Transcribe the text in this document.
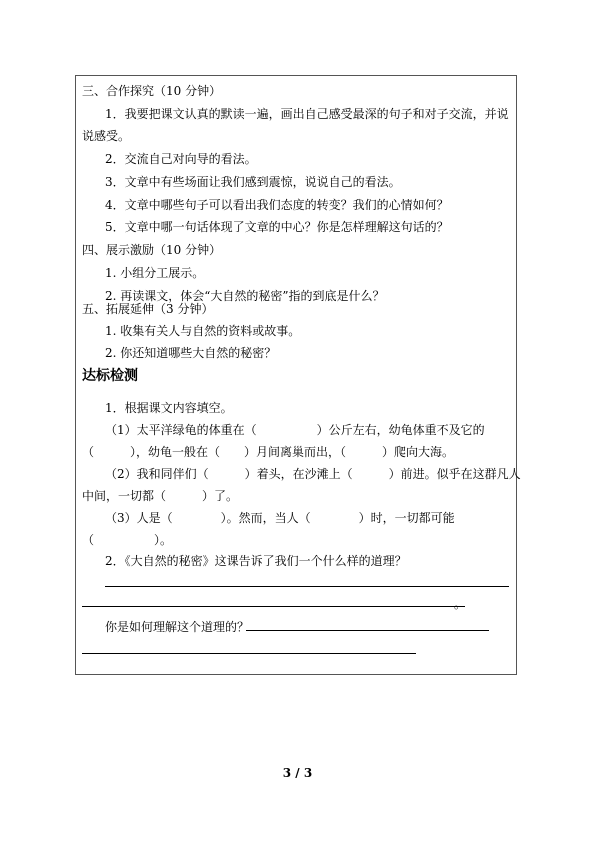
三、合作探究（10 分钟）
1．我要把课文认真的默读一遍，画出自己感受最深的句子和对子交流，并说
说感受。
2．交流自己对向导的看法。
3．文章中有些场面让我们感到震惊，说说自己的看法。
4．文章中哪些句子可以看出我们态度的转变？我们的心情如何？
5．文章中哪一句话体现了文章的中心？你是怎样理解这句话的？
四、展示激励（10 分钟）
1. 小组分工展示。
2. 再读课文，体会“大自然的秘密”指的到底是什么？
五、拓展延伸（3 分钟）
1. 收集有关人与自然的资料或故事。
2. 你还知道哪些大自然的秘密？
达标检测
1．根据课文内容填空。
（1）太平洋绿龟的体重在（　　　　　）公斤左右，幼龟体重不及它的
（　　　），幼龟一般在（　　）月间离巢而出，（　　　）爬向大海。
（2）我和同伴们（　　　）着头，在沙滩上（　　　）前进。似乎在这群凡人
中间，一切都（　　　）了。
（3）人是（　　　　）。然而，当人（　　　　）时，一切都可能
（　　　　　）。
2．《大自然的秘密》这课告诉了我们一个什么样的道理？
。
你是如何理解这个道理的？
3 / 3
